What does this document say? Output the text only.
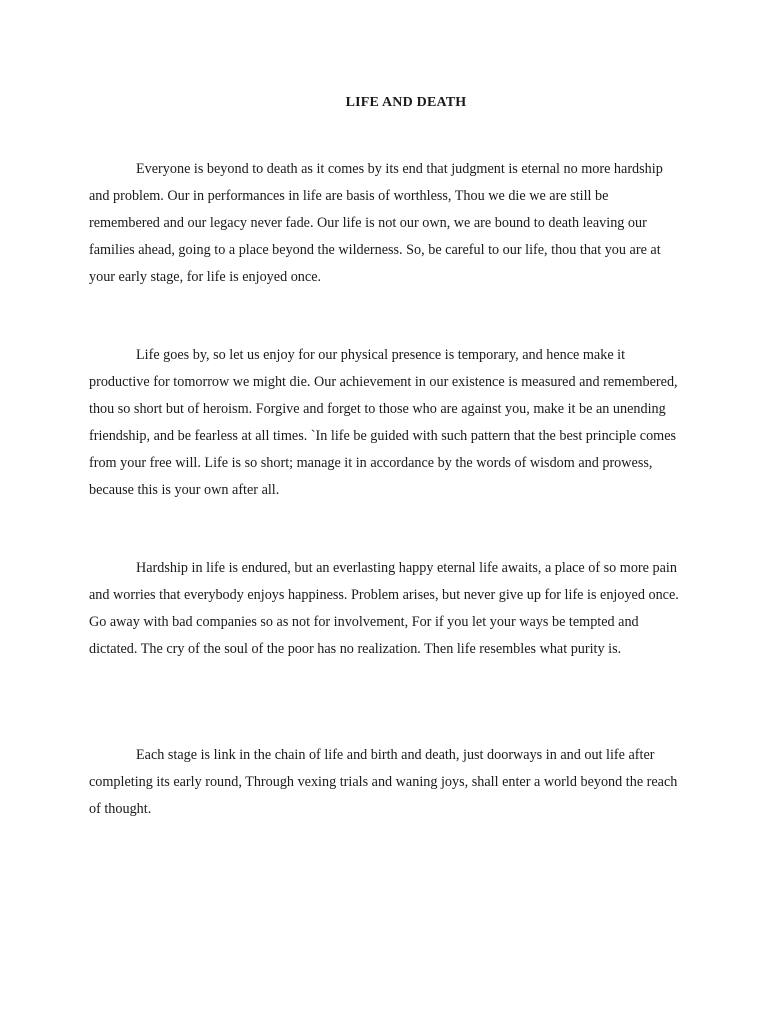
LIFE AND DEATH

Everyone is beyond to death as it comes by its end that judgment is eternal no more hardship and problem. Our in performances in life are basis of worthless, Thou we die we are still be remembered and our legacy never fade. Our life is not our own, we are bound to death leaving our families ahead, going to a place beyond the wilderness. So, be careful to our life, thou that you are at your early stage, for life is enjoyed once.

Life goes by, so let us enjoy for our physical presence is temporary, and hence make it productive for tomorrow we might die. Our achievement in our existence is measured and remembered, thou so short but of heroism. Forgive and forget to those who are against you, make it be an unending friendship, and be fearless at all times. `In life be guided with such pattern that the best principle comes from your free will. Life is so short; manage it in accordance by the words of wisdom and prowess, because this is your own after all.

Hardship in life is endured, but an everlasting happy eternal life awaits, a place of so more pain and worries that everybody enjoys happiness. Problem arises, but never give up for life is enjoyed once. Go away with bad companies so as not for involvement, For if you let your ways be tempted and dictated. The cry of the soul of the poor has no realization. Then life resembles what purity is.

Each stage is link in the chain of life and birth and death, just doorways in and out life after completing its early round, Through vexing trials and waning joys, shall enter a world beyond the reach of thought.
